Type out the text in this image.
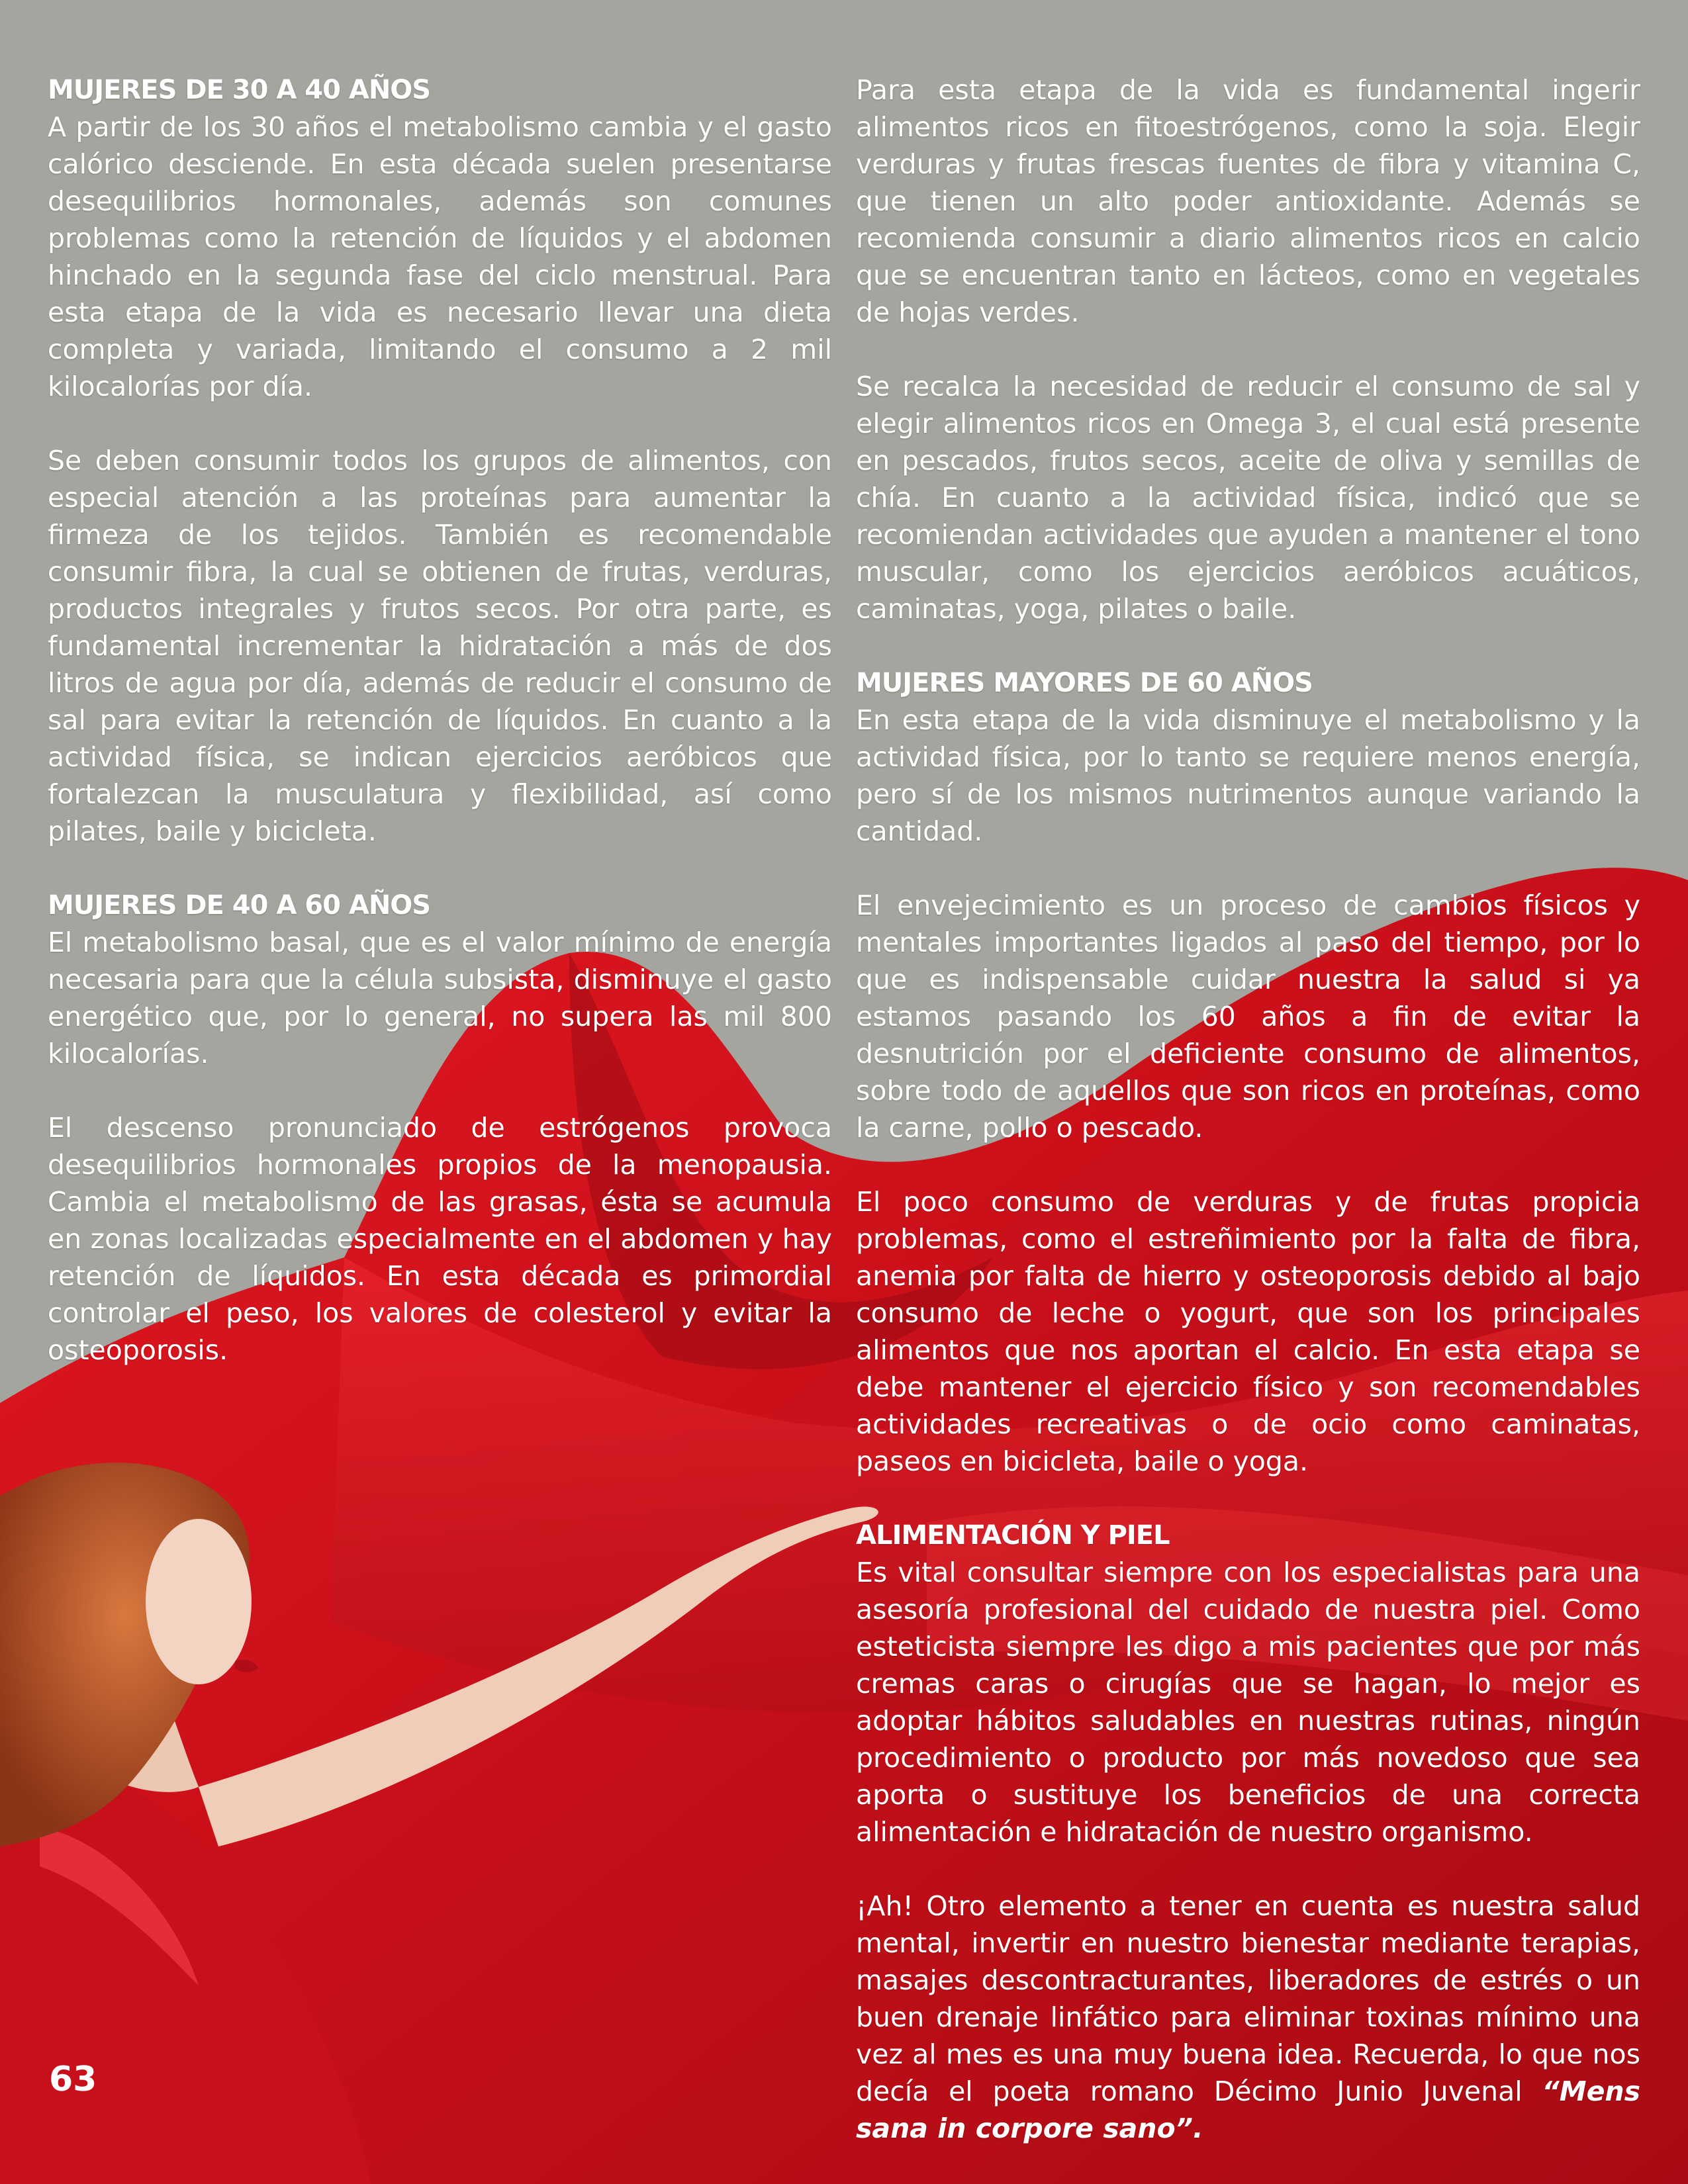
MUJERES DE 30 A 40 AÑOS

A partir de los 30 años el metabolismo cambia y el gasto calórico desciende. En esta década suelen presentarse desequilibrios hormonales, además son comunes problemas como la retención de líquidos y el abdomen hinchado en la segunda fase del ciclo menstrual. Para esta etapa de la vida es necesario llevar una dieta completa y variada, limitando el consumo a 2 mil kilocalorías por día.

Se deben consumir todos los grupos de alimentos, con especial atención a las proteínas para aumentar la firmeza de los tejidos. También es recomendable consumir fibra, la cual se obtienen de frutas, verduras, productos integrales y frutos secos. Por otra parte, es fundamental incrementar la hidratación a más de dos litros de agua por día, además de reducir el consumo de sal para evitar la retención de líquidos. En cuanto a la actividad física, se indican ejercicios aeróbicos que fortalezcan la musculatura y flexibilidad, así como pilates, baile y bicicleta.

MUJERES DE 40 A 60 AÑOS

El metabolismo basal, que es el valor mínimo de energía necesaria para que la célula subsista, disminuye el gasto energético que, por lo general, no supera las mil 800 kilocalorías.

El descenso pronunciado de estrógenos provoca desequilibrios hormonales propios de la menopausia. Cambia el metabolismo de las grasas, ésta se acumula en zonas localizadas especialmente en el abdomen y hay retención de líquidos. En esta década es primordial controlar el peso, los valores de colesterol y evitar la osteoporosis.

Para esta etapa de la vida es fundamental ingerir alimentos ricos en fitoestrógenos, como la soja. Elegir verduras y frutas frescas fuentes de fibra y vitamina C, que tienen un alto poder antioxidante. Además se recomienda consumir a diario alimentos ricos en calcio que se encuentran tanto en lácteos, como en vegetales de hojas verdes.

Se recalca la necesidad de reducir el consumo de sal y elegir alimentos ricos en Omega 3, el cual está presente en pescados, frutos secos, aceite de oliva y semillas de chía. En cuanto a la actividad física, indicó que se recomiendan actividades que ayuden a mantener el tono muscular, como los ejercicios aeróbicos acuáticos, caminatas, yoga, pilates o baile.

MUJERES MAYORES DE 60 AÑOS

En esta etapa de la vida disminuye el metabolismo y la actividad física, por lo tanto se requiere menos energía, pero sí de los mismos nutrimentos aunque variando la cantidad.

El envejecimiento es un proceso de cambios físicos y mentales importantes ligados al paso del tiempo, por lo que es indispensable cuidar nuestra la salud si ya estamos pasando los 60 años a fin de evitar la desnutrición por el deficiente consumo de alimentos, sobre todo de aquellos que son ricos en proteínas, como la carne, pollo o pescado.

El poco consumo de verduras y de frutas propicia problemas, como el estreñimiento por la falta de fibra, anemia por falta de hierro y osteoporosis debido al bajo consumo de leche o yogurt, que son los principales alimentos que nos aportan el calcio. En esta etapa se debe mantener el ejercicio físico y son recomendables actividades recreativas o de ocio como caminatas, paseos en bicicleta, baile o yoga.

ALIMENTACIÓN Y PIEL

Es vital consultar siempre con los especialistas para una asesoría profesional del cuidado de nuestra piel. Como esteticista siempre les digo a mis pacientes que por más cremas caras o cirugías que se hagan, lo mejor es adoptar hábitos saludables en nuestras rutinas, ningún procedimiento o producto por más novedoso que sea aporta o sustituye los beneficios de una correcta alimentación e hidratación de nuestro organismo.

¡Ah! Otro elemento a tener en cuenta es nuestra salud mental, invertir en nuestro bienestar mediante terapias, masajes descontracturantes, liberadores de estrés o un buen drenaje linfático para eliminar toxinas mínimo una vez al mes es una muy buena idea. Recuerda, lo que nos decía el poeta romano Décimo Junio Juvenal “Mens sana in corpore sano”.

63
